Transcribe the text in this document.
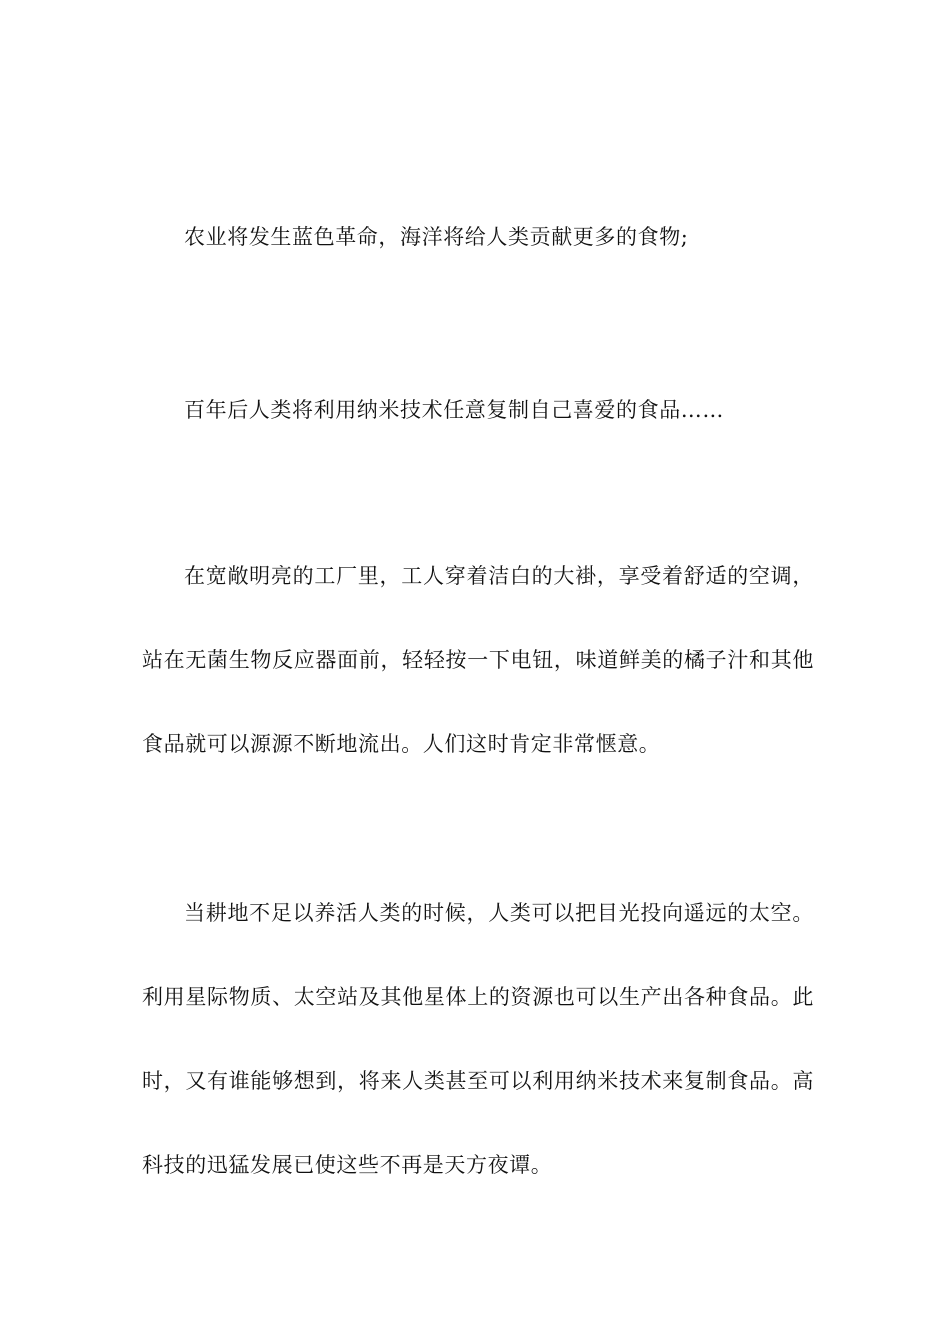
农业将发生蓝色革命，海洋将给人类贡献更多的食物;

百年后人类将利用纳米技术任意复制自己喜爱的食品……

在宽敞明亮的工厂里，工人穿着洁白的大褂，享受着舒适的空调，站在无菌生物反应器面前，轻轻按一下电钮，味道鲜美的橘子汁和其他食品就可以源源不断地流出。人们这时肯定非常惬意。

当耕地不足以养活人类的时候，人类可以把目光投向遥远的太空。利用星际物质、太空站及其他星体上的资源也可以生产出各种食品。此时，又有谁能够想到，将来人类甚至可以利用纳米技术来复制食品。高科技的迅猛发展已使这些不再是天方夜谭。
